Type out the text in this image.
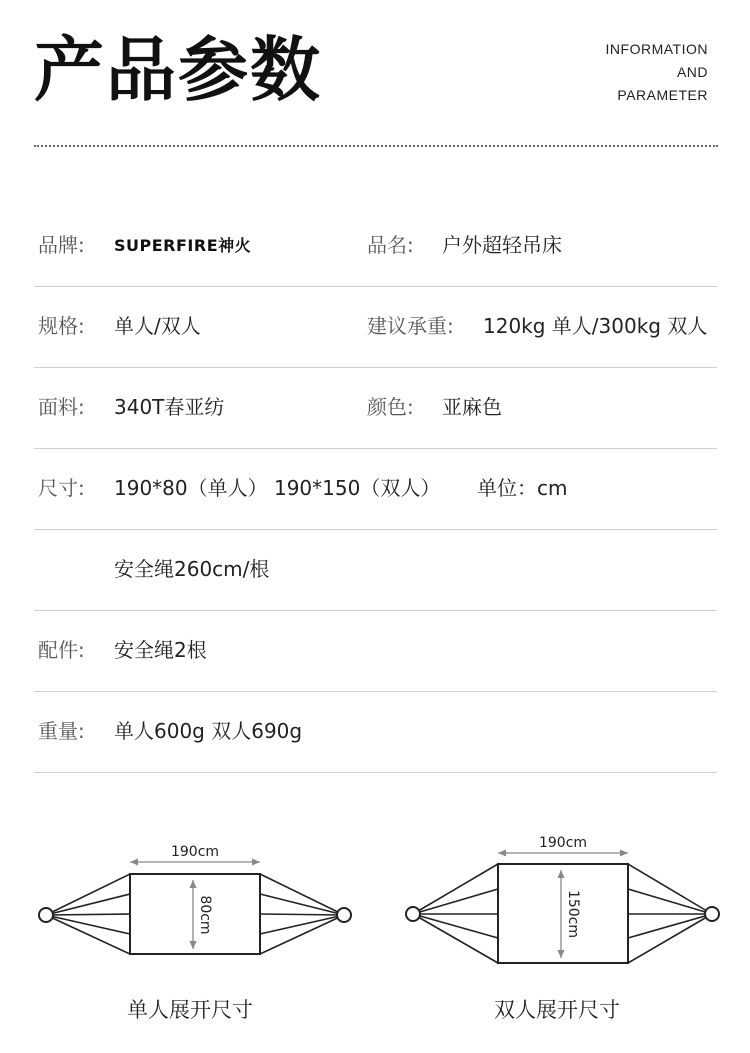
产品参数	INFORMATION
AND
PARAMETER
品牌: SUPERFIRE神火	品名: 户外超轻吊床
规格: 单人/双人	建议承重: 120kg 单人/300kg 双人
面料: 340T春亚纺	颜色: 亚麻色
尺寸: 190*80（单人） 190*150（双人） 单位：cm
安全绳260cm/根
配件: 安全绳2根
重量: 单人600g 双人690g
190cm
80cm
190cm
150cm
单人展开尺寸	双人展开尺寸
